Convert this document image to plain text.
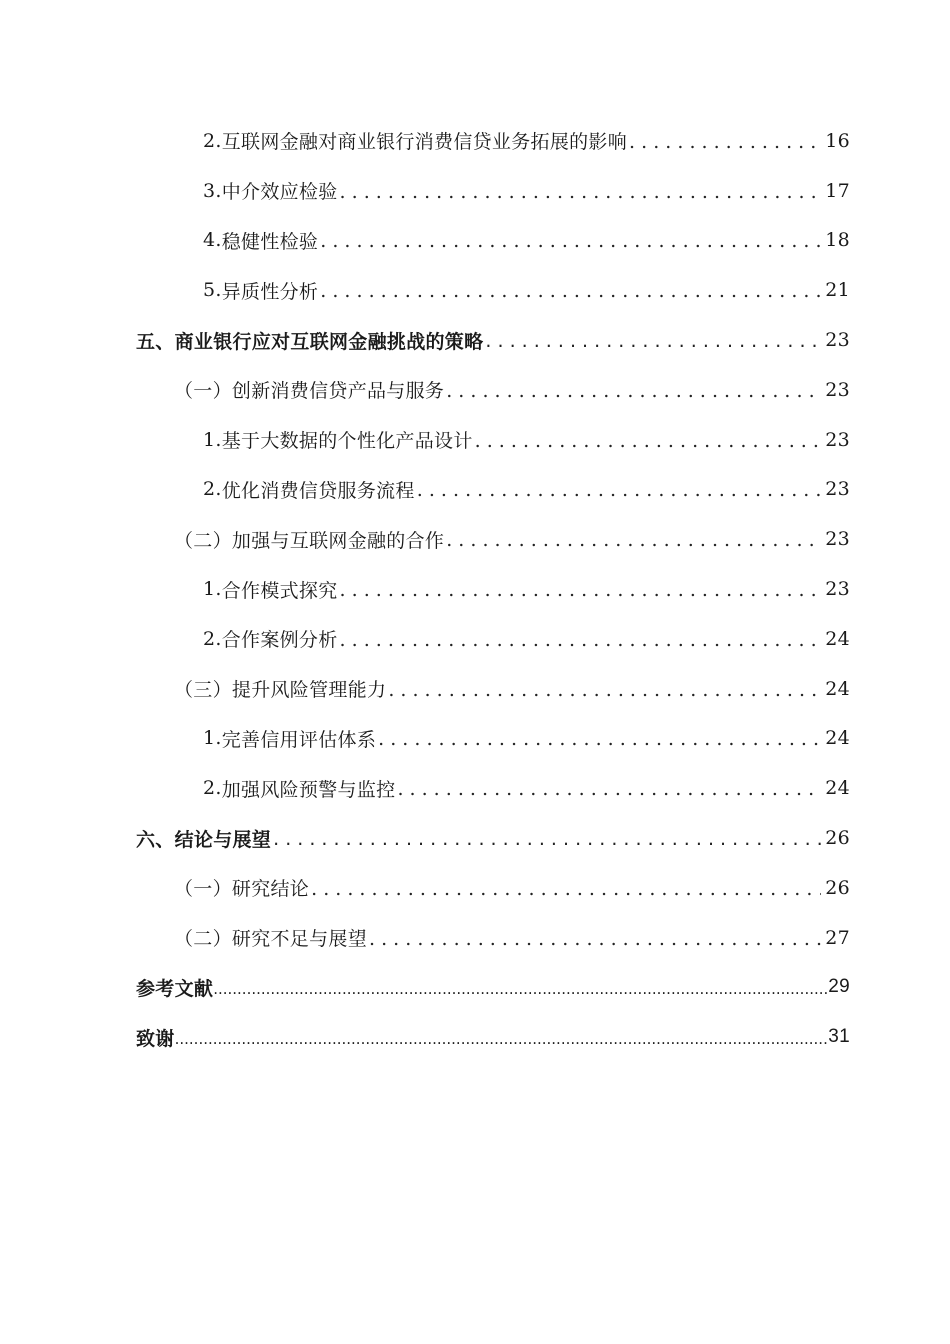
2. 互联网金融对商业银行消费信贷业务拓展的影响 . . .	16
3. 中介效应检验 . . .	17
4. 稳健性检验 . . .	18
5. 异质性分析 . . .	21
五、商业银行应对互联网金融挑战的策略 . . .	23
（一）创新消费信贷产品与服务 . . .	23
1. 基于大数据的个性化产品设计 . . .	23
2. 优化消费信贷服务流程 . . .	23
（二）加强与互联网金融的合作 . . .	23
1. 合作模式探究 . . .	23
2. 合作案例分析 . . .	24
（三）提升风险管理能力 . . .	24
1. 完善信用评估体系 . . .	24
2. 加强风险预警与监控 . . .	24
六、结论与展望 . . .	26
（一）研究结论 . . .	26
（二）研究不足与展望 . . .	27
参考文献 .....	29
致谢 .....	31
